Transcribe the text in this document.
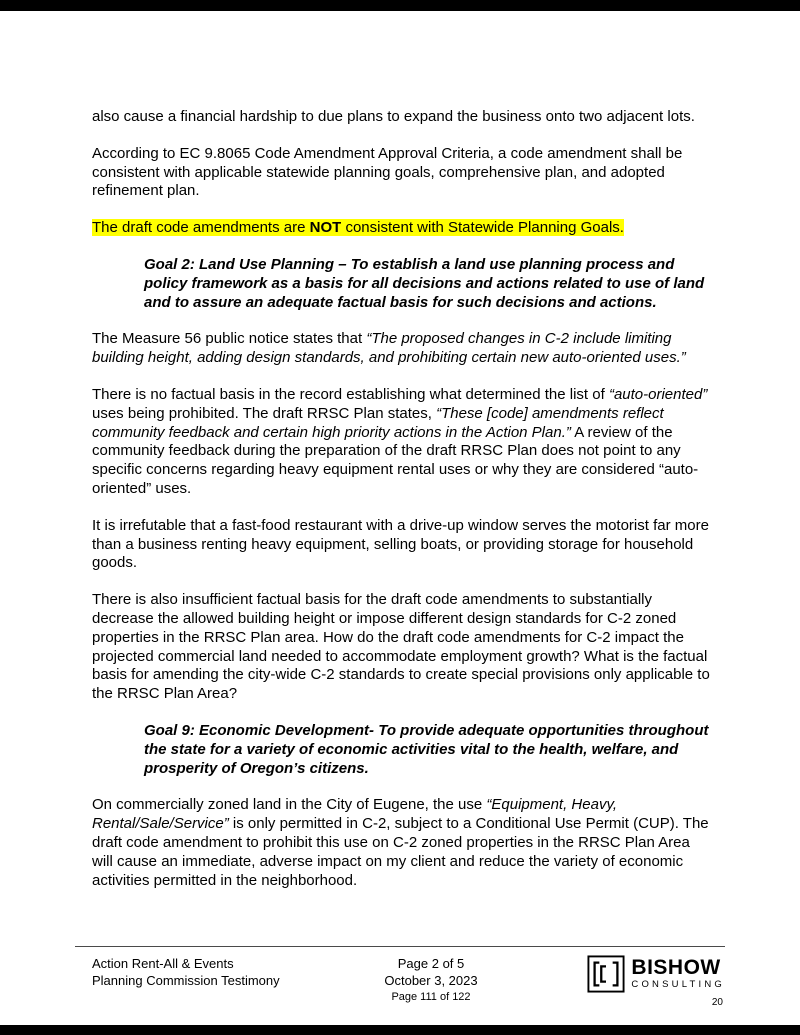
also cause a financial hardship to due plans to expand the business onto two adjacent lots.

According to EC 9.8065 Code Amendment Approval Criteria, a code amendment shall be consistent with applicable statewide planning goals, comprehensive plan, and adopted refinement plan.

The draft code amendments are NOT consistent with Statewide Planning Goals.

Goal 2: Land Use Planning – To establish a land use planning process and policy framework as a basis for all decisions and actions related to use of land and to assure an adequate factual basis for such decisions and actions.

The Measure 56 public notice states that “The proposed changes in C-2 include limiting building height, adding design standards, and prohibiting certain new auto-oriented uses.”

There is no factual basis in the record establishing what determined the list of “auto-oriented” uses being prohibited. The draft RRSC Plan states, “These [code] amendments reflect community feedback and certain high priority actions in the Action Plan.” A review of the community feedback during the preparation of the draft RRSC Plan does not point to any specific concerns regarding heavy equipment rental uses or why they are considered “auto-oriented” uses.

It is irrefutable that a fast-food restaurant with a drive-up window serves the motorist far more than a business renting heavy equipment, selling boats, or providing storage for household goods.

There is also insufficient factual basis for the draft code amendments to substantially decrease the allowed building height or impose different design standards for C-2 zoned properties in the RRSC Plan area. How do the draft code amendments for C-2 impact the projected commercial land needed to accommodate employment growth? What is the factual basis for amending the city-wide C-2 standards to create special provisions only applicable to the RRSC Plan Area?

Goal 9: Economic Development- To provide adequate opportunities throughout the state for a variety of economic activities vital to the health, welfare, and prosperity of Oregon’s citizens.

On commercially zoned land in the City of Eugene, the use “Equipment, Heavy, Rental/Sale/Service” is only permitted in C-2, subject to a Conditional Use Permit (CUP). The draft code amendment to prohibit this use on C-2 zoned properties in the RRSC Plan Area will cause an immediate, adverse impact on my client and reduce the variety of economic activities permitted in the neighborhood.

Action Rent-All & Events
Planning Commission Testimony
Page 2 of 5
October 3, 2023
Page 111 of 122
BISHOW
CONSULTING
20
